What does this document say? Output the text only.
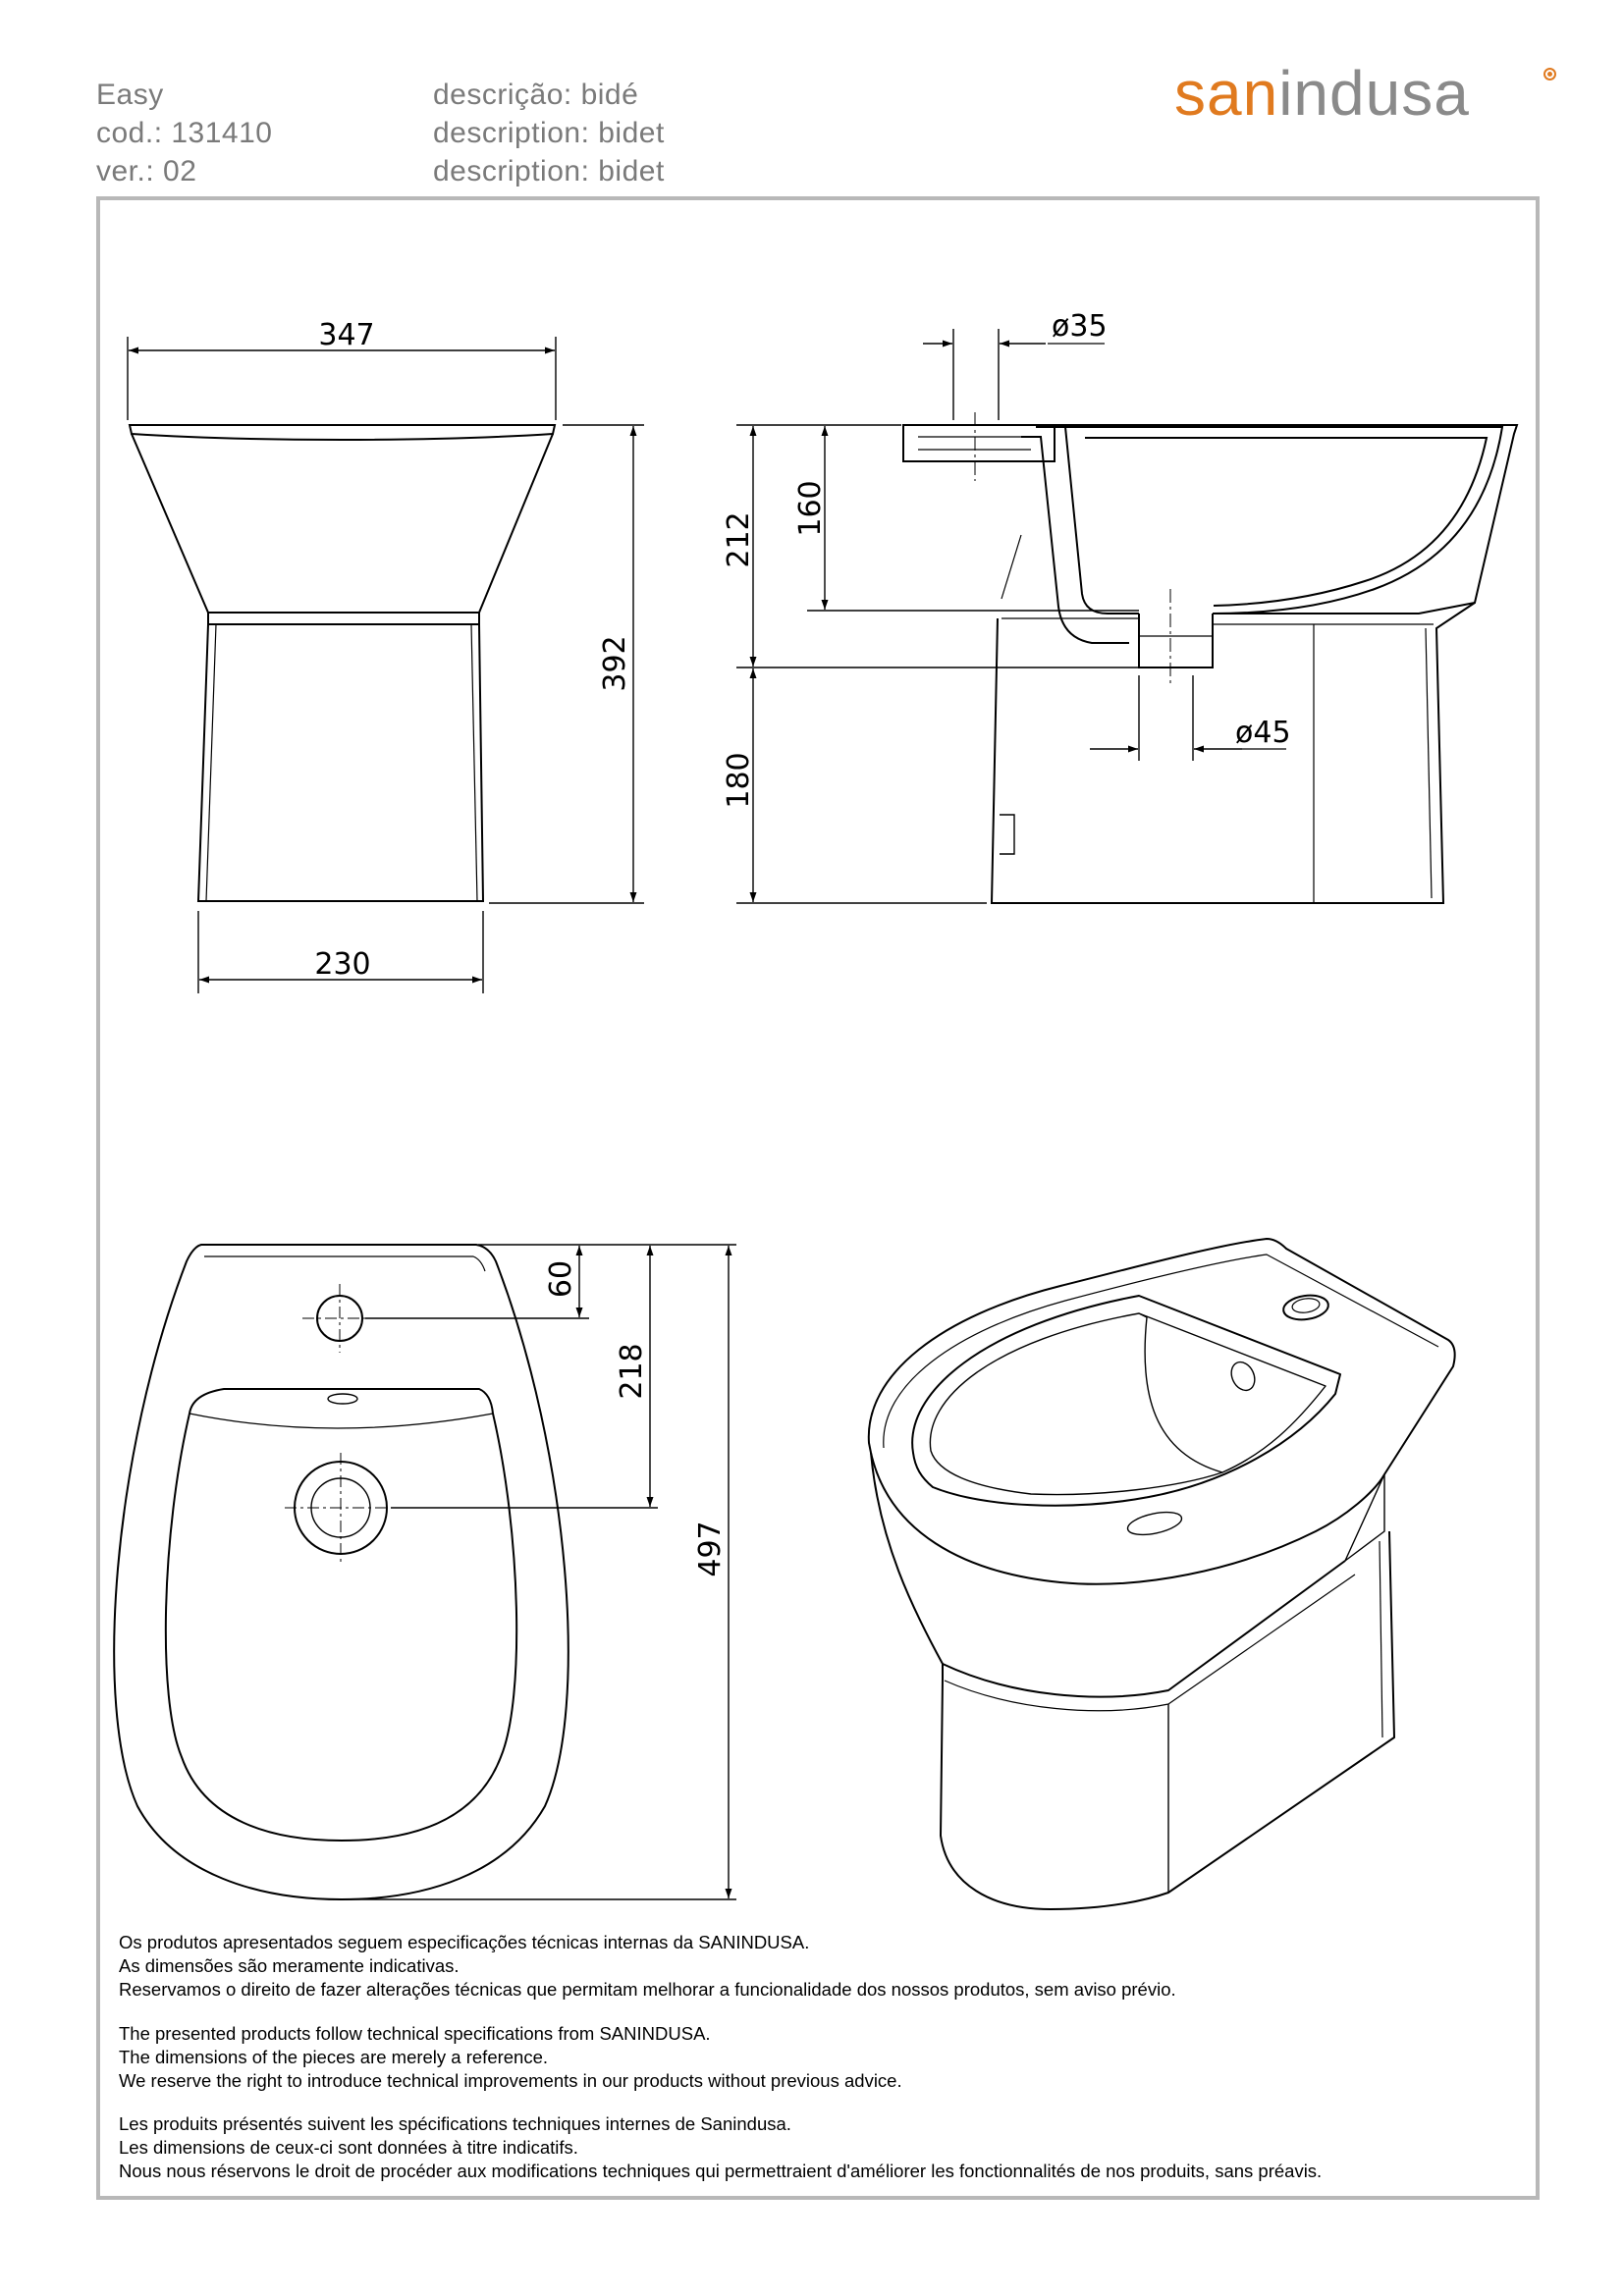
Easy
cod.: 131410
ver.: 02
descrição: bidé
description: bidet
description: bidet
sanindusa
347
230
392
ø35
212
160
180
ø45
60
218
497
Os produtos apresentados seguem especificações técnicas internas da SANINDUSA.
As dimensões são meramente indicativas.
Reservamos o direito de fazer alterações técnicas que permitam melhorar a funcionalidade dos nossos produtos, sem aviso prévio.
The presented products follow technical specifications from SANINDUSA.
The dimensions of the pieces are merely a reference.
We reserve the right to introduce technical improvements in our products without previous advice.
Les produits présentés suivent les spécifications techniques internes de Sanindusa.
Les dimensions de ceux-ci sont données à titre indicatifs.
Nous nous réservons le droit de procéder aux modifications techniques qui permettraient d'améliorer les fonctionnalités de nos produits, sans préavis.
